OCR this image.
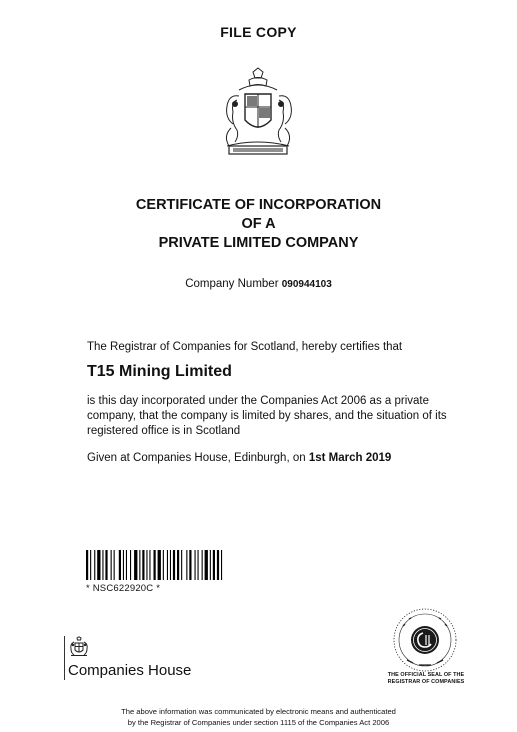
FILE COPY
CERTIFICATE OF INCORPORATION
OF A
PRIVATE LIMITED COMPANY
Company Number 090944103
The Registrar of Companies for Scotland, hereby certifies that
T15 Mining Limited
is this day incorporated under the Companies Act 2006 as a private company, that the company is limited by shares, and the situation of its registered office is in Scotland
Given at Companies House, Edinburgh, on 1st March 2019
* NSC622920C *
Companies House	THE OFFICIAL SEAL OF THE
REGISTRAR OF COMPANIES
The above information was communicated by electronic means and authenticated
by the Registrar of Companies under section 1115 of the Companies Act 2006
